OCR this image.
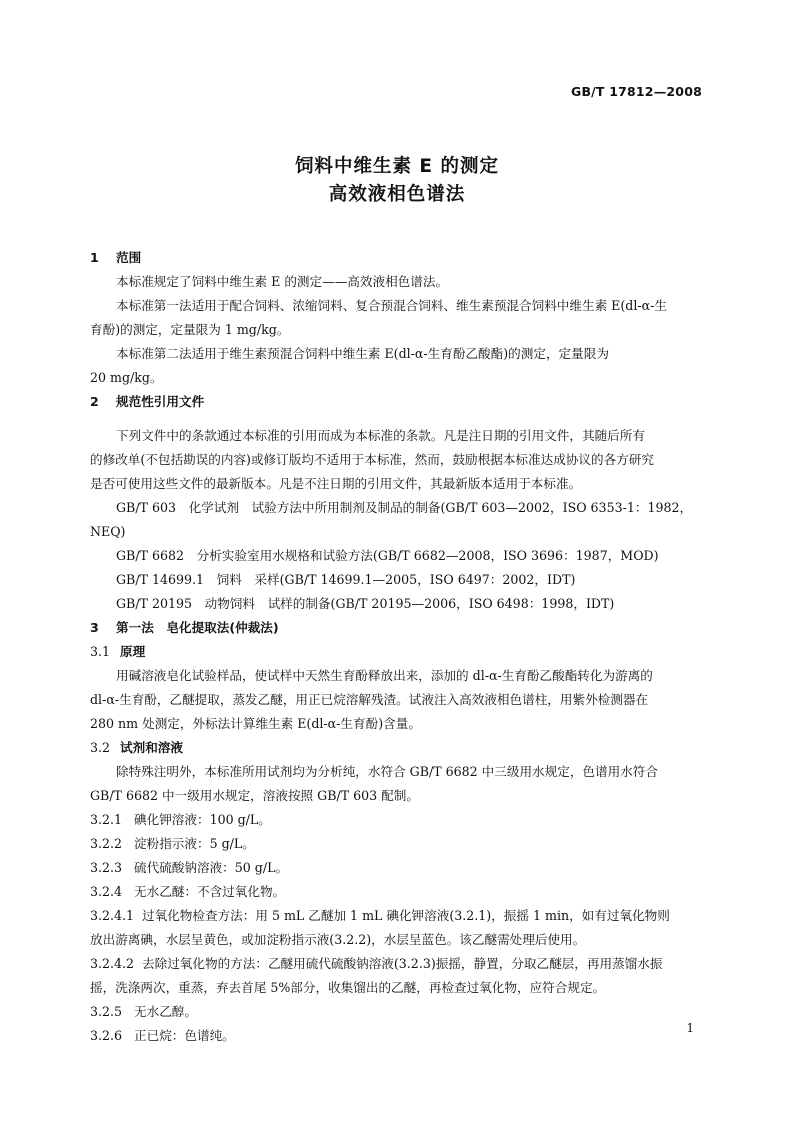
GB/T 17812—2008
饲料中维生素 E 的测定
高效液相色谱法
1 范围
本标准规定了饲料中维生素 E 的测定——高效液相色谱法。
本标准第一法适用于配合饲料、浓缩饲料、复合预混合饲料、维生素预混合饲料中维生素 E(dl-α-生
育酚)的测定，定量限为 1 mg/kg。
本标准第二法适用于维生素预混合饲料中维生素 E(dl-α-生育酚乙酸酯)的测定，定量限为
20 mg/kg。
2 规范性引用文件
下列文件中的条款通过本标准的引用而成为本标准的条款。凡是注日期的引用文件，其随后所有
的修改单(不包括勘误的内容)或修订版均不适用于本标准，然而，鼓励根据本标准达成协议的各方研究
是否可使用这些文件的最新版本。凡是不注日期的引用文件，其最新版本适用于本标准。
GB/T 603　化学试剂　试验方法中所用制剂及制品的制备(GB/T 603—2002，ISO 6353-1：1982，
NEQ)
GB/T 6682　分析实验室用水规格和试验方法(GB/T 6682—2008，ISO 3696：1987，MOD)
GB/T 14699.1　饲料　采样(GB/T 14699.1—2005，ISO 6497：2002，IDT)
GB/T 20195　动物饲料　试样的制备(GB/T 20195—2006，ISO 6498：1998，IDT)
3 第一法　皂化提取法(仲裁法)
3.1 原理
用碱溶液皂化试验样品，使试样中天然生育酚释放出来，添加的 dl-α-生育酚乙酸酯转化为游离的
dl-α-生育酚，乙醚提取，蒸发乙醚，用正已烷溶解残渣。试液注入高效液相色谱柱，用紫外检测器在
280 nm 处测定，外标法计算维生素 E(dl-α-生育酚)含量。
3.2 试剂和溶液
除特殊注明外，本标准所用试剂均为分析纯，水符合 GB/T 6682 中三级用水规定，色谱用水符合
GB/T 6682 中一级用水规定，溶液按照 GB/T 603 配制。
3.2.1 碘化钾溶液：100 g/L。
3.2.2 淀粉指示液：5 g/L。
3.2.3 硫代硫酸钠溶液：50 g/L。
3.2.4 无水乙醚：不含过氧化物。
3.2.4.1 过氧化物检查方法：用 5 mL 乙醚加 1 mL 碘化钾溶液(3.2.1)，振摇 1 min，如有过氧化物则
放出游离碘，水层呈黄色，或加淀粉指示液(3.2.2)，水层呈蓝色。该乙醚需处理后使用。
3.2.4.2 去除过氧化物的方法：乙醚用硫代硫酸钠溶液(3.2.3)振摇，静置，分取乙醚层，再用蒸馏水振
摇，洗涤两次，重蒸，弃去首尾 5%部分，收集馏出的乙醚，再检查过氧化物，应符合规定。
3.2.5 无水乙醇。
3.2.6 正已烷：色谱纯。	1
